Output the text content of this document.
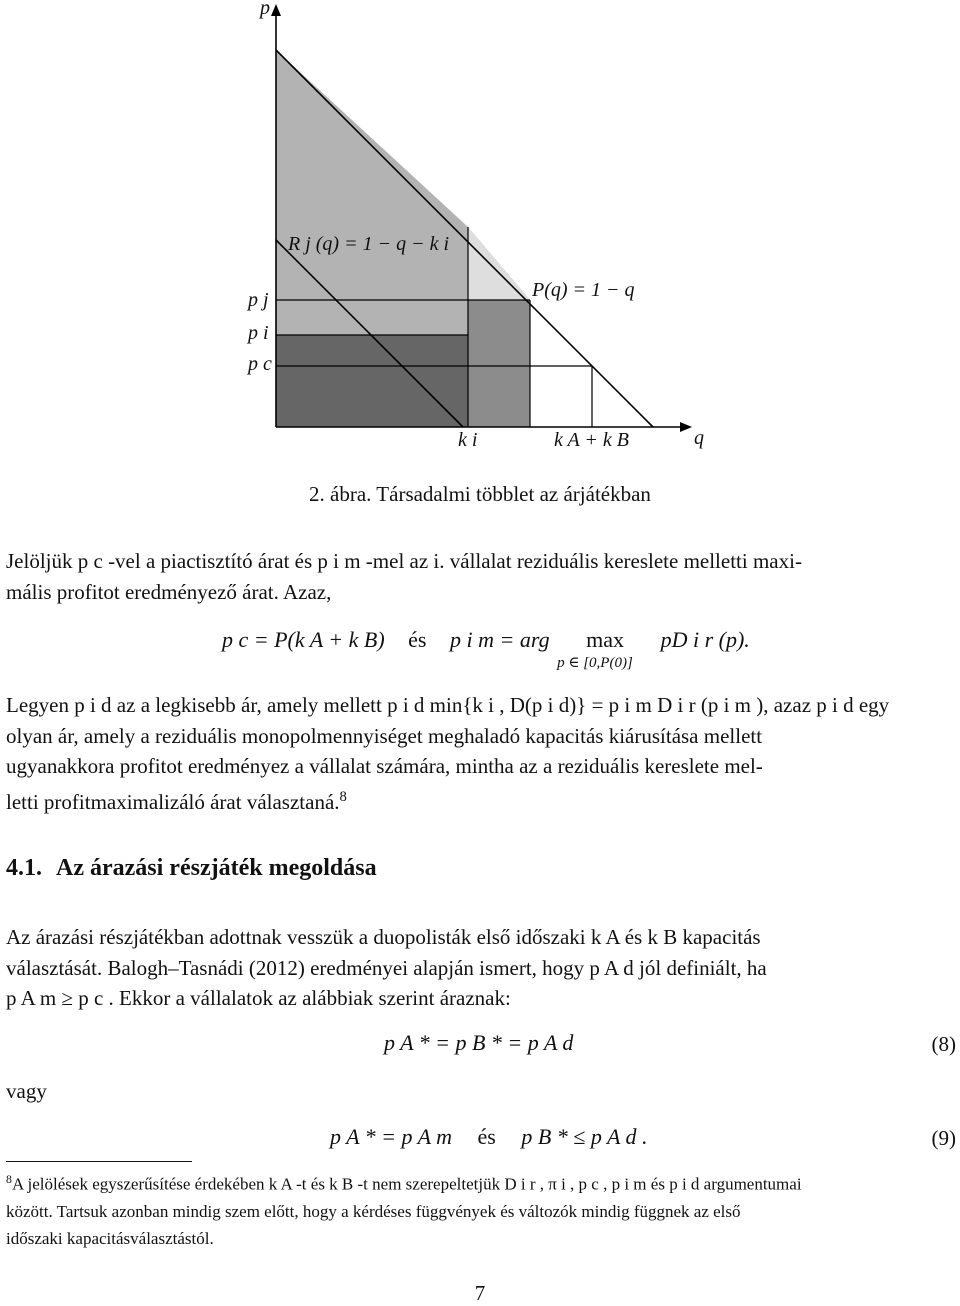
p
q
R j (q) = 1 − q − k i
P(q) = 1 − q
p j
p i
p c
k i	k A + k B
2. ábra. Társadalmi többlet az árjátékban

Jelöljük p c -vel a piactisztító árat és p i m -mel az i. vállalat reziduális kereslete melletti maxi-
mális profitot eredményező árat. Azaz,

p c = P(k A + k B) és p i m = arg max
p ∈ [0,P(0)]
pD i r (p).

Legyen p i d az a legkisebb ár, amely mellett p i d min{k i , D(p i d)} = p i m D i r (p i m ), azaz p i d egy
olyan ár, amely a reziduális monopolmennyiséget meghaladó kapacitás kiárusítása mellett
ugyanakkora profitot eredményez a vállalat számára, mintha az a reziduális kereslete mel-
letti profitmaximalizáló árat választaná.$^8$

4.1. Az árazási részjáték megoldása

Az árazási részjátékban adottnak vesszük a duopolisták első időszaki k A és k B kapacitás
választását. Balogh–Tasnádi (2012) eredményei alapján ismert, hogy p A d jól definiált, ha
p A m ≥ p c . Ekkor a vállalatok az alábbiak szerint áraznak:

p A * = p B * = p A d	(8)
vagy
p A * = p A m és p B * ≤ p A d .	(9)

$^8$A jelölések egyszerűsítése érdekében k A -t és k B -t nem szerepeltetjük D i r , π i , p c , p i m és p i d argumentumai
között. Tartsuk azonban mindig szem előtt, hogy a kérdéses függvények és változók mindig függnek az első
időszaki kapacitásválasztástól.

7
